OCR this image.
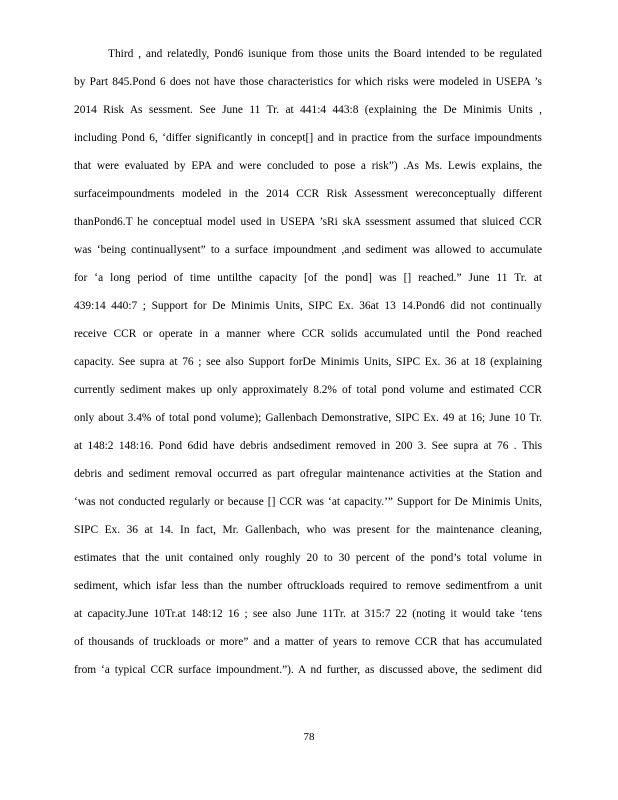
Third , and relatedly, Pond6 isunique from those units the Board intended to be regulated
by Part 845.Pond 6 does not have those characteristics for which risks were modeled in USEPA ’s
2014 Risk As sessment. See June 11 Tr. at 441:4 443:8 (explaining the De Minimis Units ,
including Pond 6, ‘differ significantly in concept[] and in practice from the surface impoundments
that were evaluated by EPA and were concluded to pose a risk”) .As Ms. Lewis explains, the
surfaceimpoundments modeled in the 2014 CCR Risk Assessment wereconceptually different
thanPond6.T he conceptual model used in USEPA ’sRi skA ssessment assumed that sluiced CCR
was ‘being continuallysent” to a surface impoundment ,and sediment was allowed to accumulate
for ‘a long period of time untilthe capacity [of the pond] was [] reached.” June 11 Tr. at
439:14 440:7 ; Support for De Minimis Units, SIPC Ex. 36at 13 14.Pond6 did not continually
receive CCR or operate in a manner where CCR solids accumulated until the Pond reached
capacity. See supra at 76 ; see also Support forDe Minimis Units, SIPC Ex. 36 at 18 (explaining
currently sediment makes up only approximately 8.2% of total pond volume and estimated CCR
only about 3.4% of total pond volume); Gallenbach Demonstrative, SIPC Ex. 49 at 16; June 10 Tr.
at 148:2 148:16. Pond 6did have debris andsediment removed in 200 3. See supra at 76 . This
debris and sediment removal occurred as part ofregular maintenance activities at the Station and
‘was not conducted regularly or because [] CCR was ‘at capacity.’” Support for De Minimis Units,
SIPC Ex. 36 at 14. In fact, Mr. Gallenbach, who was present for the maintenance cleaning,
estimates that the unit contained only roughly 20 to 30 percent of the pond’s total volume in
sediment, which isfar less than the number oftruckloads required to remove sedimentfrom a unit
at capacity.June 10Tr.at 148:12 16 ; see also June 11Tr. at 315:7 22 (noting it would take ‘tens
of thousands of truckloads or more” and a matter of years to remove CCR that has accumulated
from ‘a typical CCR surface impoundment.”). A nd further, as discussed above, the sediment did
78
